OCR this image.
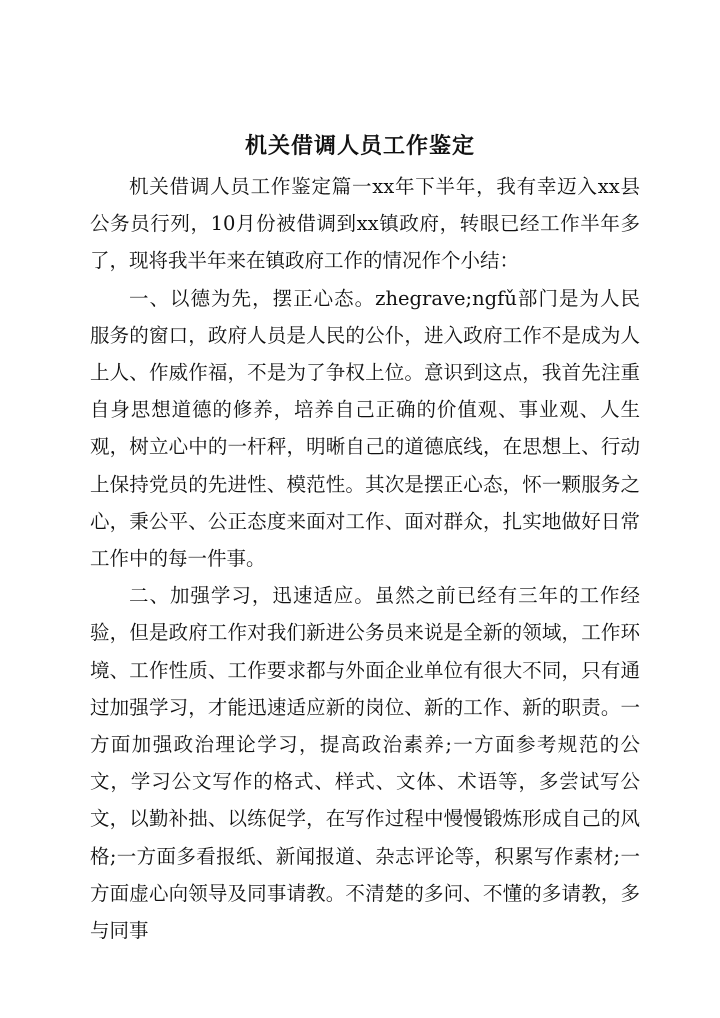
机关借调人员工作鉴定

机关借调人员工作鉴定篇一xx年下半年，我有幸迈入xx县公务员行列，10月份被借调到xx镇政府，转眼已经工作半年多了，现将我半年来在镇政府工作的情况作个小结：

一、以德为先，摆正心态。zhegrave;ngfǔ部门是为人民服务的窗口，政府人员是人民的公仆，进入政府工作不是成为人上人、作威作福，不是为了争权上位。意识到这点，我首先注重自身思想道德的修养，培养自己正确的价值观、事业观、人生观，树立心中的一杆秤，明晰自己的道德底线，在思想上、行动上保持党员的先进性、模范性。其次是摆正心态，怀一颗服务之心，秉公平、公正态度来面对工作、面对群众，扎实地做好日常工作中的每一件事。

二、加强学习，迅速适应。虽然之前已经有三年的工作经验，但是政府工作对我们新进公务员来说是全新的领域，工作环境、工作性质、工作要求都与外面企业单位有很大不同，只有通过加强学习，才能迅速适应新的岗位、新的工作、新的职责。一方面加强政治理论学习，提高政治素养;一方面参考规范的公文，学习公文写作的格式、样式、文体、术语等，多尝试写公文，以勤补拙、以练促学，在写作过程中慢慢锻炼形成自己的风格;一方面多看报纸、新闻报道、杂志评论等，积累写作素材;一方面虚心向领导及同事请教。不清楚的多问、不懂的多请教，多与同事
